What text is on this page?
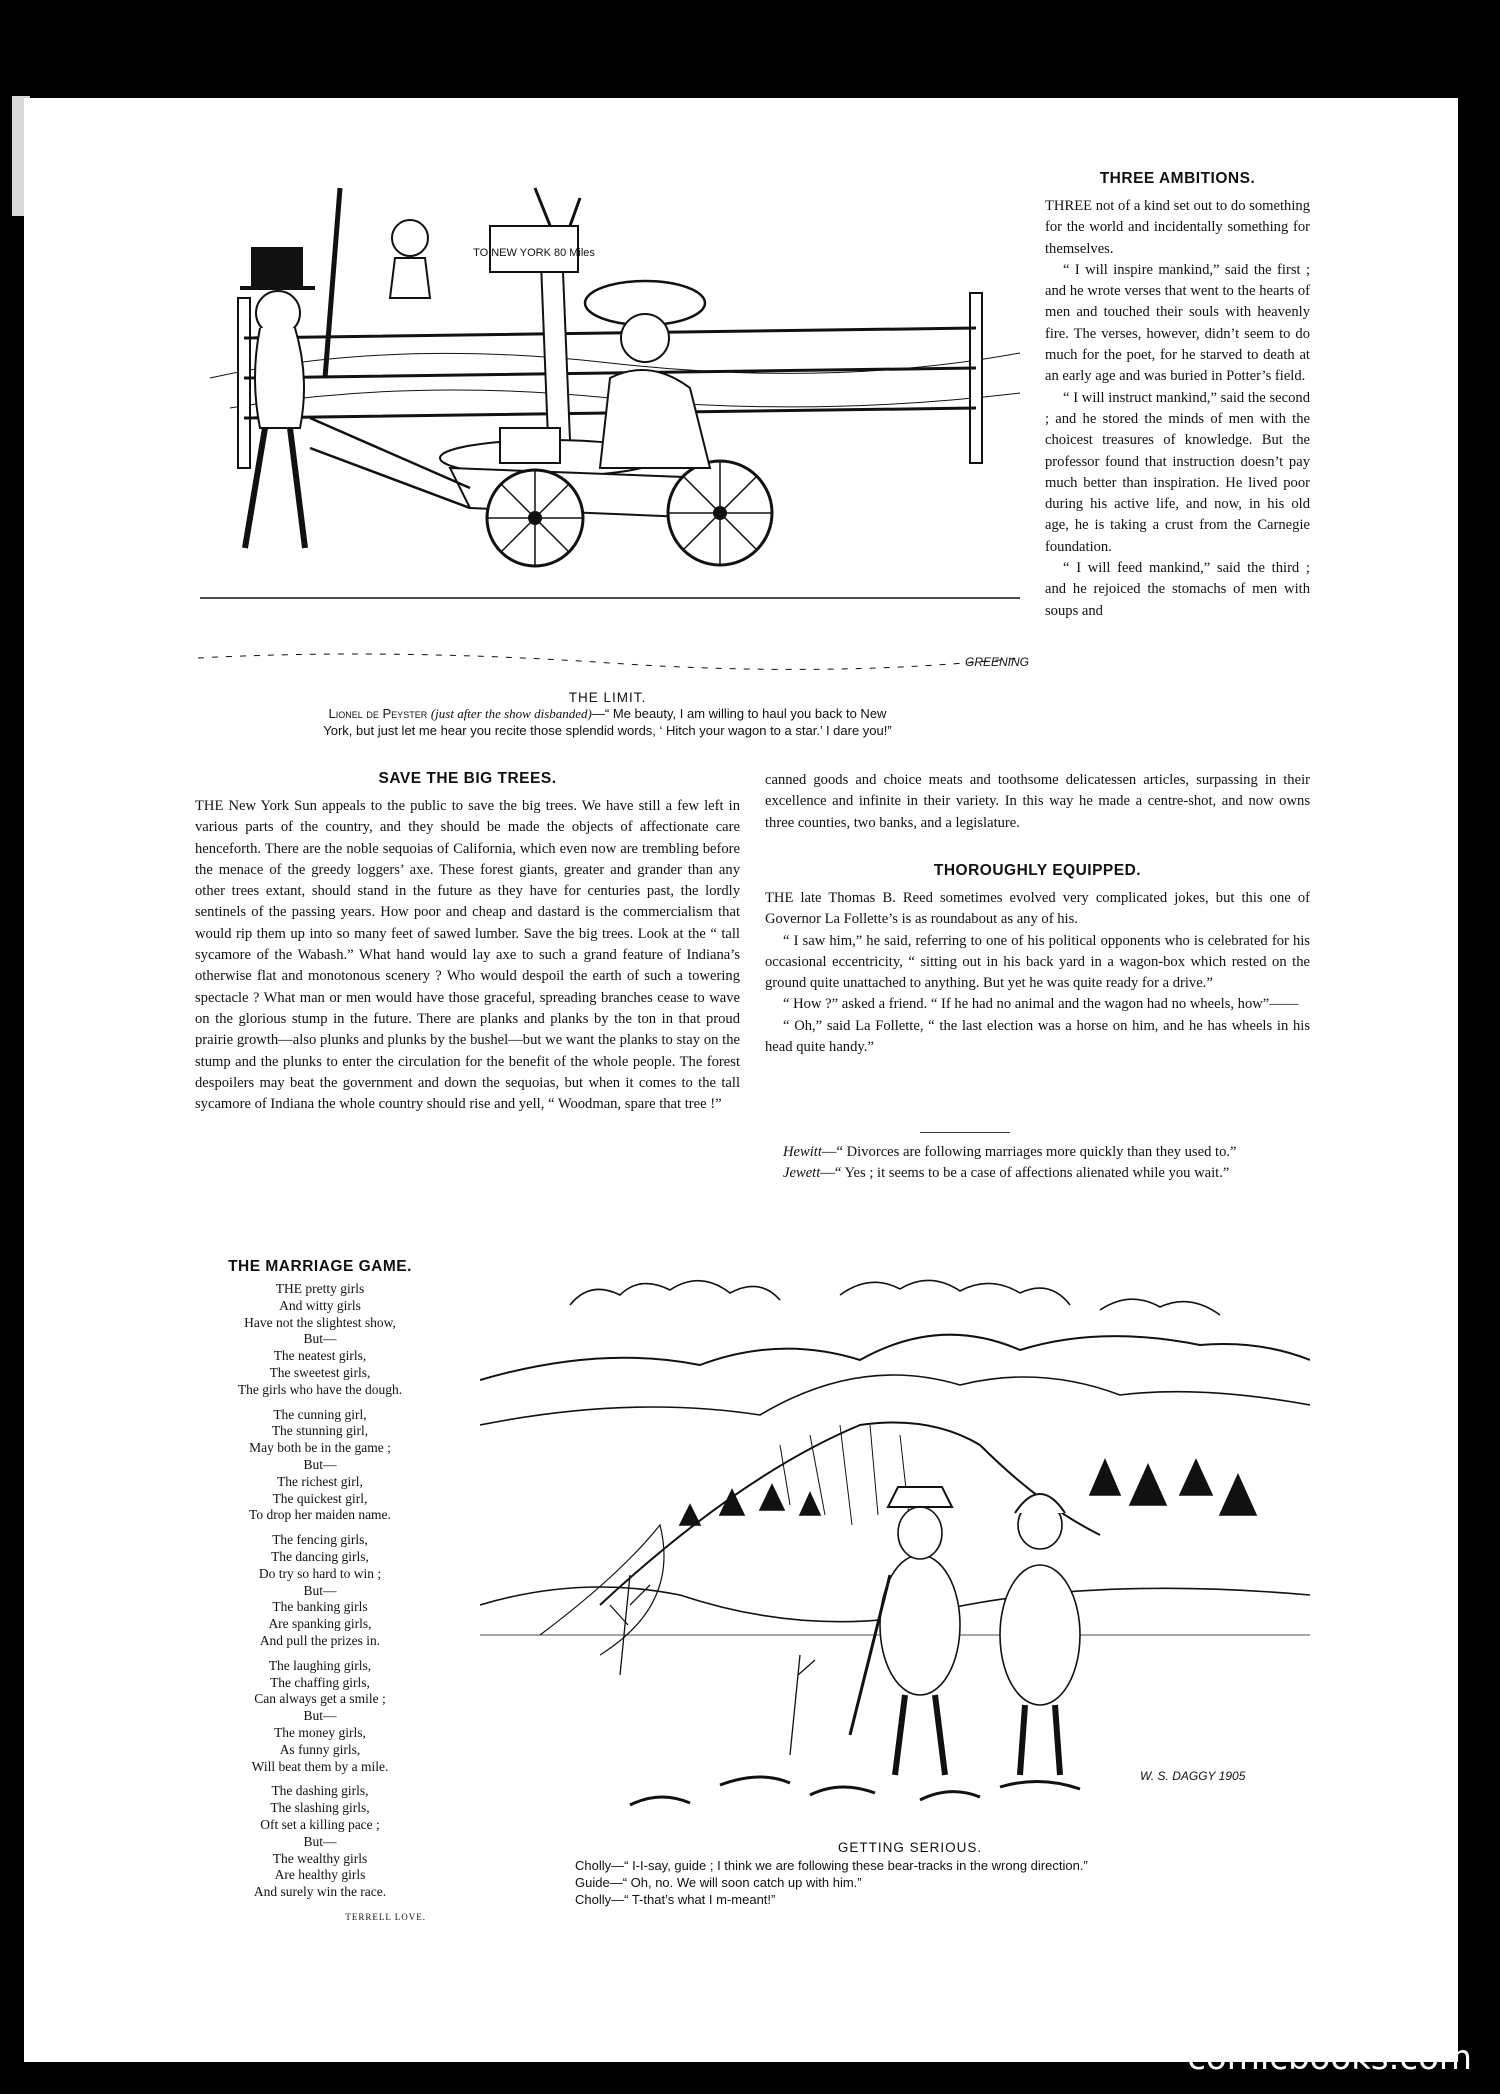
TO NEW YORK 80 Miles
GREENING
THE LIMIT.
Lionel de Peyster (just after the show disbanded)—“ Me beauty, I am willing to haul you back to New
York, but just let me hear you recite those splendid words, ‘ Hitch your wagon to a star.’ I dare you!”
THREE AMBITIONS.

THREE not of a kind set out to do something for the world and incidentally something for themselves.

“ I will inspire mankind,” said the first ; and he wrote verses that went to the hearts of men and touched their souls with heavenly fire. The verses, however, didn’t seem to do much for the poet, for he starved to death at an early age and was buried in Potter’s field.

“ I will instruct mankind,” said the second ; and he stored the minds of men with the choicest treasures of knowledge. But the professor found that instruction doesn’t pay much better than inspiration. He lived poor during his active life, and now, in his old age, he is taking a crust from the Carnegie foundation.

“ I will feed mankind,” said the third ; and he rejoiced the stomachs of men with soups and

SAVE THE BIG TREES.

THE New York Sun appeals to the public to save the big trees. We have still a few left in various parts of the country, and they should be made the objects of affectionate care henceforth. There are the noble sequoias of California, which even now are trembling before the menace of the greedy loggers’ axe. These forest giants, greater and grander than any other trees extant, should stand in the future as they have for centuries past, the lordly sentinels of the passing years. How poor and cheap and dastard is the commercialism that would rip them up into so many feet of sawed lumber. Save the big trees. Look at the “ tall sycamore of the Wabash.” What hand would lay axe to such a grand feature of Indiana’s otherwise flat and monotonous scenery ? Who would despoil the earth of such a towering spectacle ? What man or men would have those graceful, spreading branches cease to wave on the glorious stump in the future. There are planks and planks by the ton in that proud prairie growth—also plunks and plunks by the bushel—but we want the planks to stay on the stump and the plunks to enter the circulation for the benefit of the whole people. The forest despoilers may beat the government and down the sequoias, but when it comes to the tall sycamore of Indiana the whole country should rise and yell, “ Woodman, spare that tree !”

canned goods and choice meats and toothsome delicatessen articles, surpassing in their excellence and infinite in their variety. In this way he made a centre-shot, and now owns three counties, two banks, and a legislature.

THOROUGHLY EQUIPPED.

THE late Thomas B. Reed sometimes evolved very complicated jokes, but this one of Governor La Follette’s is as roundabout as any of his.

“ I saw him,” he said, referring to one of his political opponents who is celebrated for his occasional eccentricity, “ sitting out in his back yard in a wagon-box which rested on the ground quite unattached to anything. But yet he was quite ready for a drive.”

“ How ?” asked a friend. “ If he had no animal and the wagon had no wheels, how”——

“ Oh,” said La Follette, “ the last election was a horse on him, and he has wheels in his head quite handy.”

Hewitt—“ Divorces are following marriages more quickly than they used to.”

Jewett—“ Yes ; it seems to be a case of affections alienated while you wait.”

THE MARRIAGE GAME.
THE pretty girls
And witty girls
Have not the slightest show,
But—
The neatest girls,
The sweetest girls,
The girls who have the dough.
The cunning girl,
The stunning girl,
May both be in the game ;
But—
The richest girl,
The quickest girl,
To drop her maiden name.
The fencing girls,
The dancing girls,
Do try so hard to win ;
But—
The banking girls
Are spanking girls,
And pull the prizes in.
The laughing girls,
The chaffing girls,
Can always get a smile ;
But—
The money girls,
As funny girls,
Will beat them by a mile.
The dashing girls,
The slashing girls,
Oft set a killing pace ;
But—
The wealthy girls
Are healthy girls
And surely win the race.
TERRELL LOVE.
W. S. DAGGY 1905
GETTING SERIOUS.
Cholly—“ I-I-say, guide ; I think we are following these bear-tracks in the wrong direction.”
Guide—“ Oh, no. We will soon catch up with him.”
Cholly—“ T-that’s what I m-meant!”
comicbooks.com
